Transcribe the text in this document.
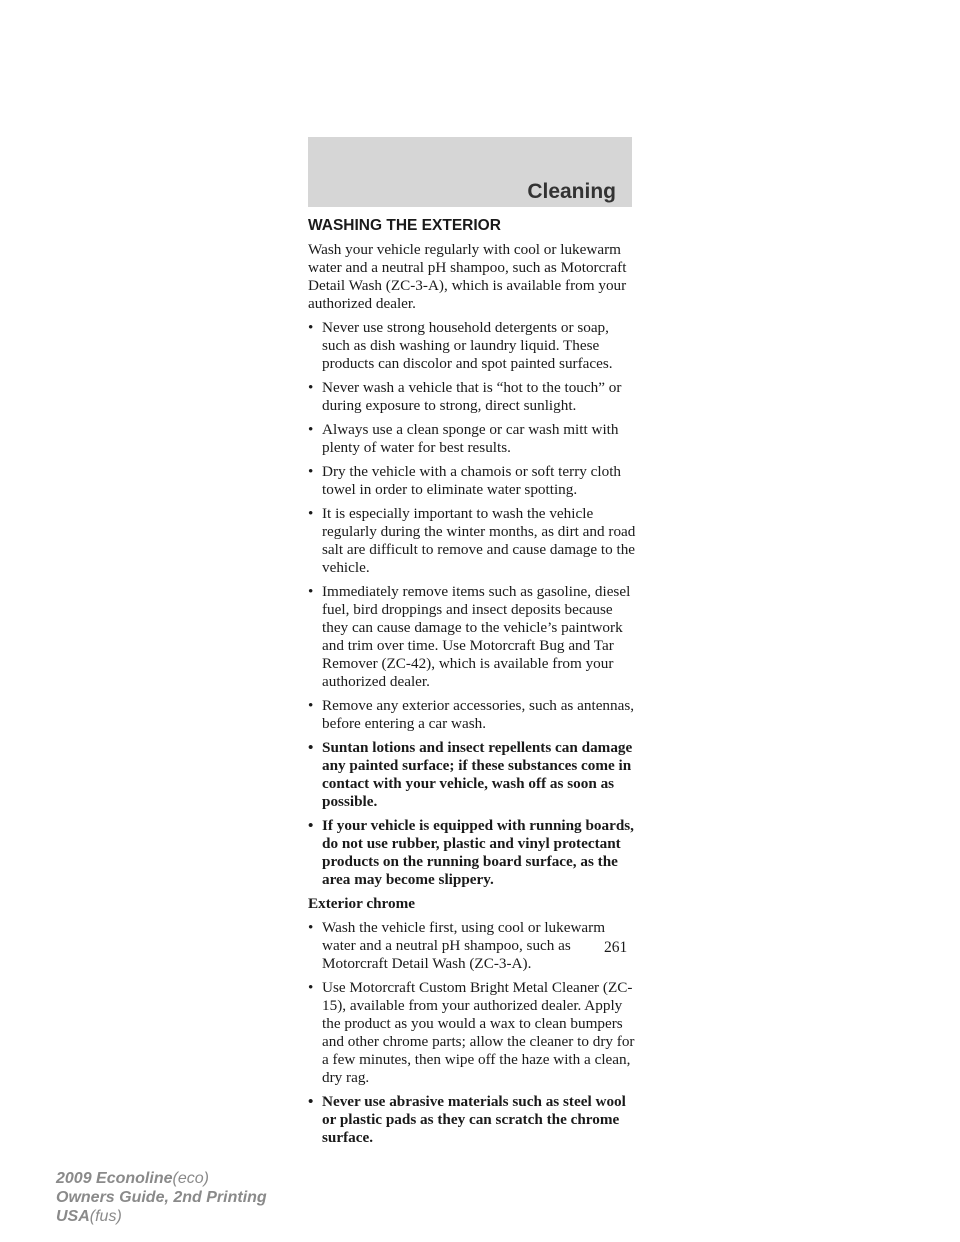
Cleaning
WASHING THE EXTERIOR

Wash your vehicle regularly with cool or lukewarm water and a neutral pH shampoo, such as Motorcraft Detail Wash (ZC-3-A), which is available from your authorized dealer.

• Never use strong household detergents or soap, such as dish washing or laundry liquid. These products can discolor and spot painted surfaces.
• Never wash a vehicle that is “hot to the touch” or during exposure to strong, direct sunlight.
• Always use a clean sponge or car wash mitt with plenty of water for best results.
• Dry the vehicle with a chamois or soft terry cloth towel in order to eliminate water spotting.
• It is especially important to wash the vehicle regularly during the winter months, as dirt and road salt are difficult to remove and cause damage to the vehicle.
• Immediately remove items such as gasoline, diesel fuel, bird droppings and insect deposits because they can cause damage to the vehicle’s paintwork and trim over time. Use Motorcraft Bug and Tar Remover (ZC-42), which is available from your authorized dealer.
• Remove any exterior accessories, such as antennas, before entering a car wash.
• Suntan lotions and insect repellents can damage any painted surface; if these substances come in contact with your vehicle, wash off as soon as possible.
• If your vehicle is equipped with running boards, do not use rubber, plastic and vinyl protectant products on the running board surface, as the area may become slippery.
Exterior chrome
• Wash the vehicle first, using cool or lukewarm water and a neutral pH shampoo, such as Motorcraft Detail Wash (ZC-3-A).
• Use Motorcraft Custom Bright Metal Cleaner (ZC-15), available from your authorized dealer. Apply the product as you would a wax to clean bumpers and other chrome parts; allow the cleaner to dry for a few minutes, then wipe off the haze with a clean, dry rag.
• Never use abrasive materials such as steel wool or plastic pads as they can scratch the chrome surface.
261
2009 Econoline(eco)
Owners Guide, 2nd Printing
USA(fus)
